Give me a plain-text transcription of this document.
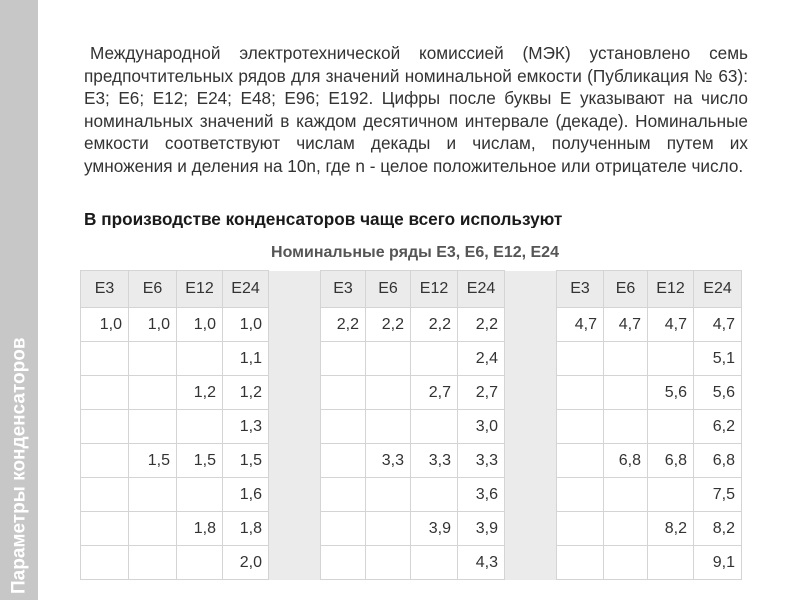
Параметры конденсаторов
Международной электротехнической комиссией (МЭК) установлено семь предпочтительных рядов для значений номинальной емкости (Публикация № 63): Е3; Е6; Е12; Е24; Е48; Е96; Е192. Цифры после буквы Е указывают на число номинальных значений в каждом десятичном интервале (декаде). Номинальные емкости соответствуют числам декады и числам, полученным путем их умножения и деления на 10n, где n - целое положительное или отрицателе число.
В производстве конденсаторов чаще всего используют
Номинальные ряды Е3, Е6, Е12, Е24
Е3	Е6	Е12	Е24		Е3	Е6	Е12	Е24		Е3	Е6	Е12	Е24
1,0	1,0	1,0	1,0		2,2	2,2	2,2	2,2		4,7	4,7	4,7	4,7
			1,1					2,4					5,1
		1,2	1,2				2,7	2,7				5,6	5,6
			1,3					3,0					6,2
	1,5	1,5	1,5			3,3	3,3	3,3			6,8	6,8	6,8
			1,6					3,6					7,5
		1,8	1,8				3,9	3,9				8,2	8,2
			2,0					4,3					9,1
